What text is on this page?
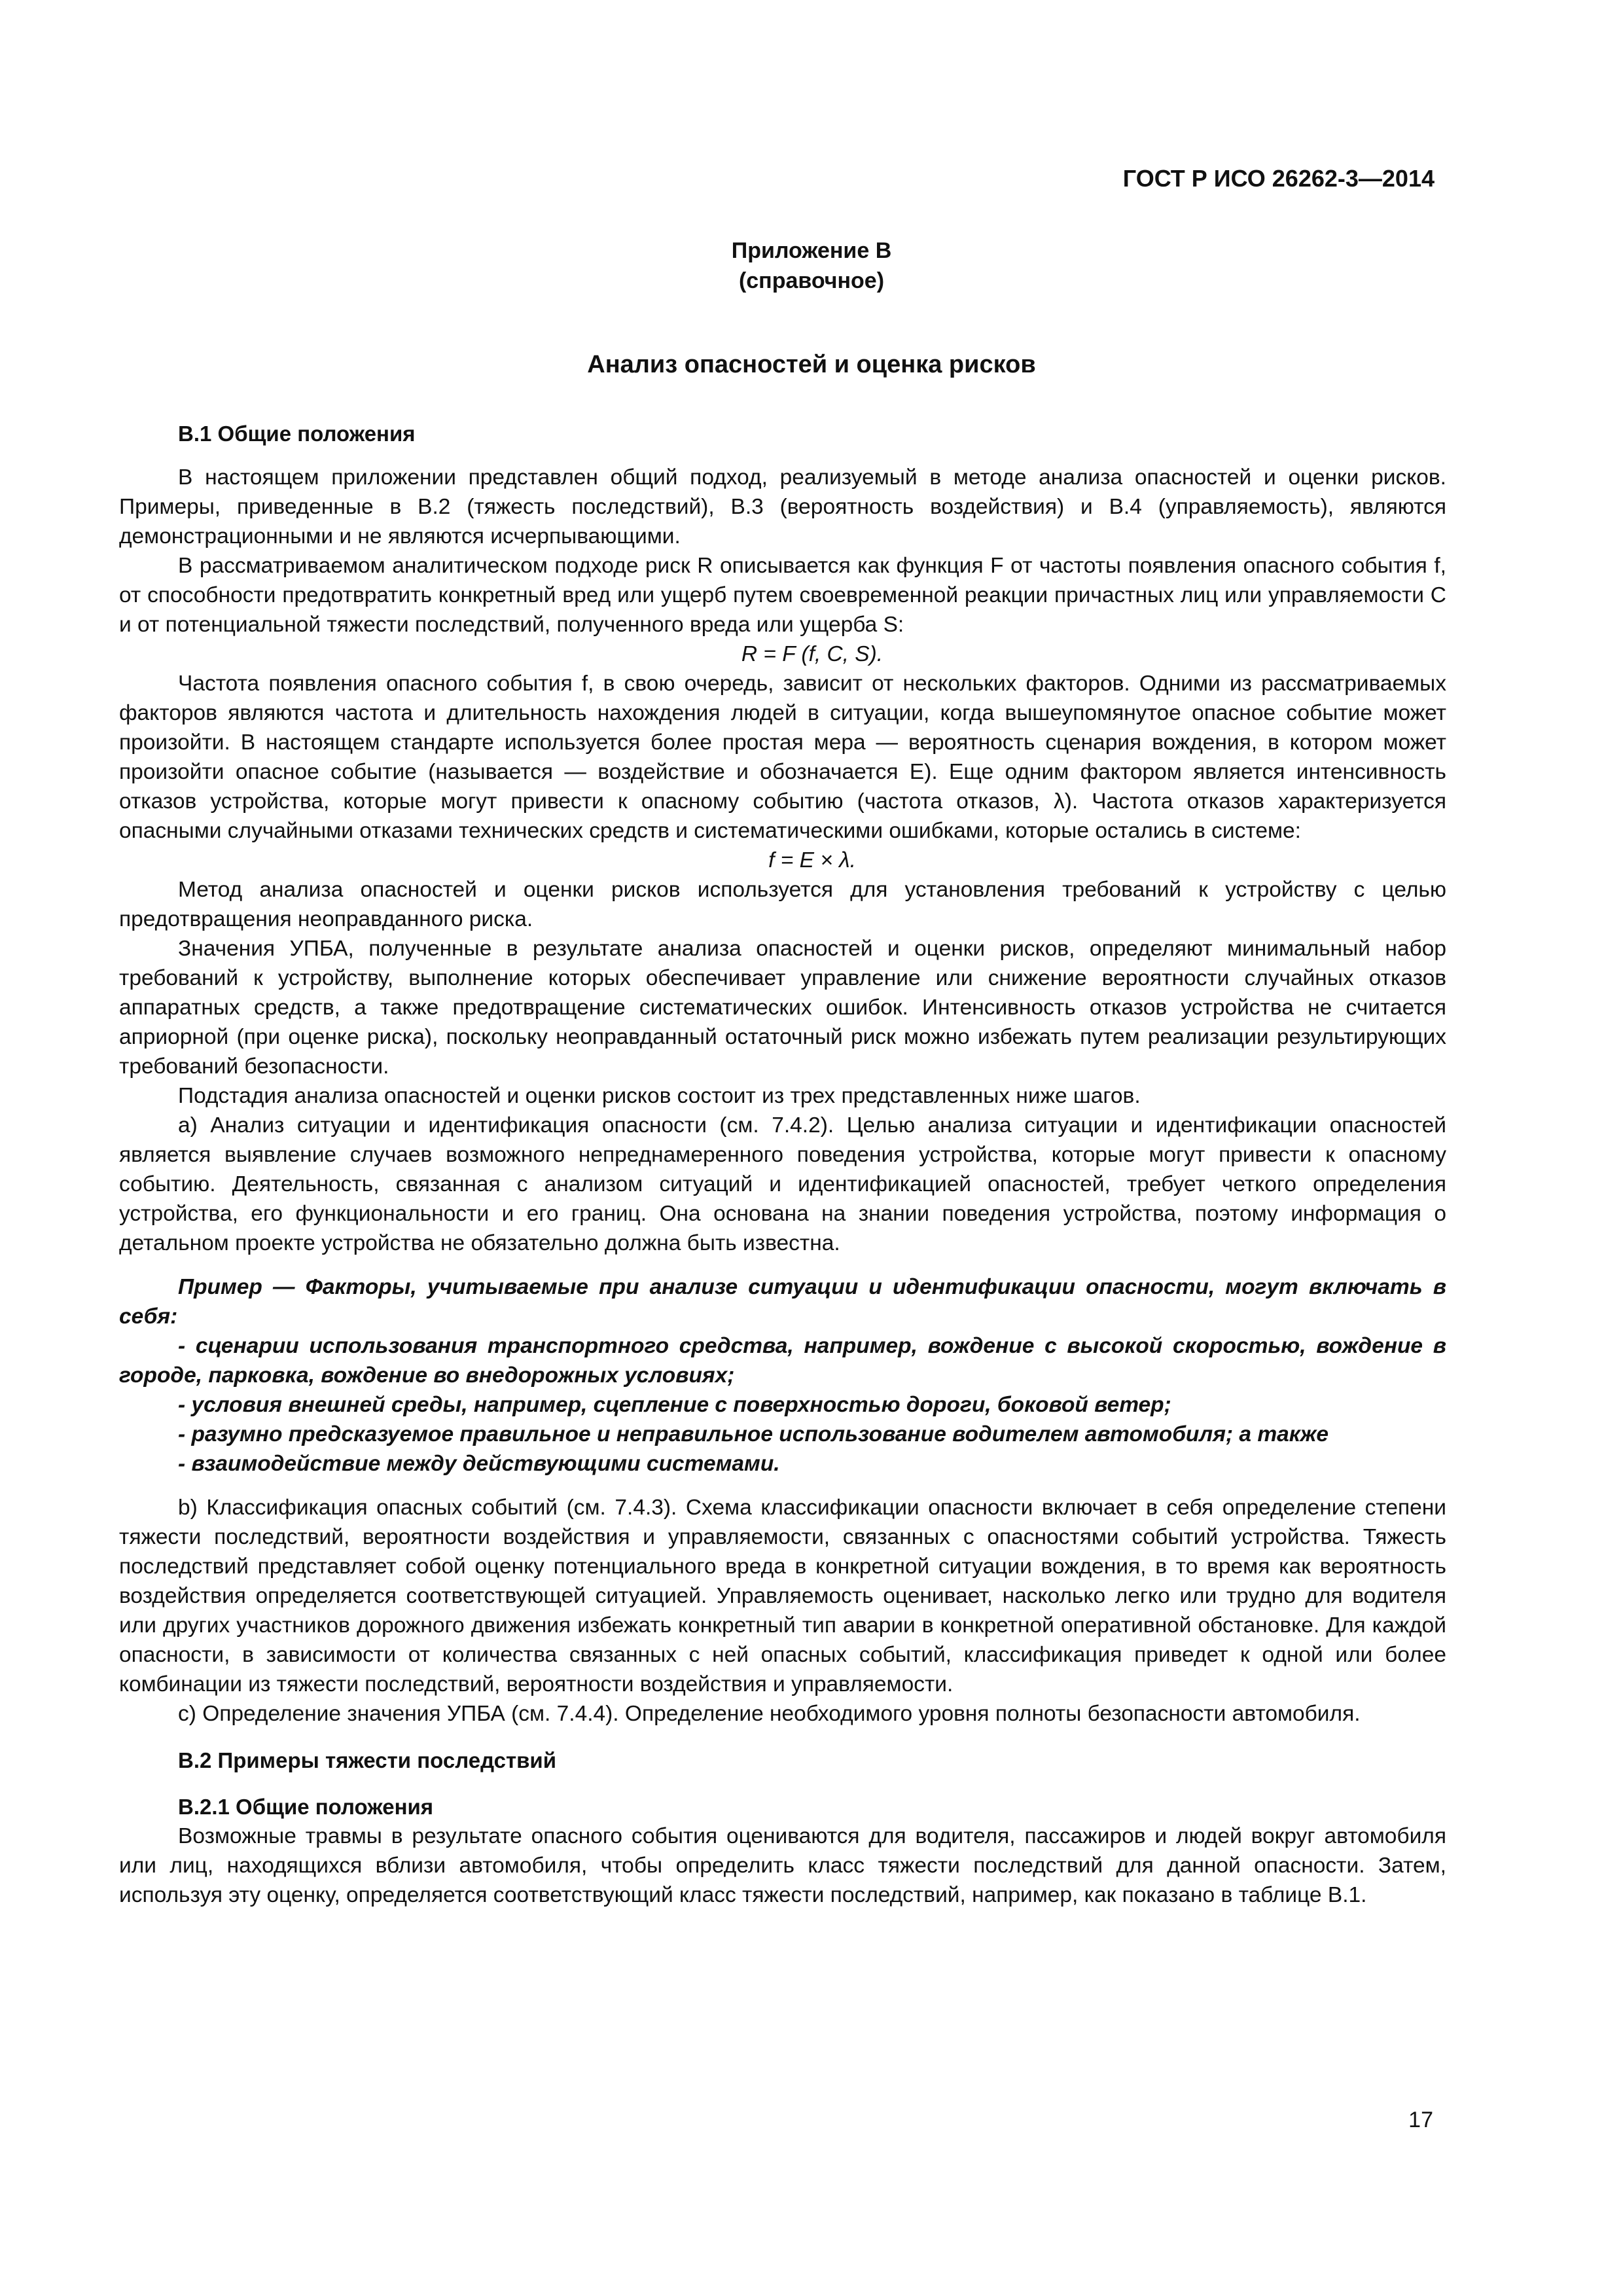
ГОСТ Р ИСО 26262-3—2014
Приложение В
(справочное)
Анализ опасностей и оценка рисков
В.1 Общие положения

В настоящем приложении представлен общий подход, реализуемый в методе анализа опасностей и оценки рисков. Примеры, приведенные в В.2 (тяжесть последствий), В.3 (вероятность воздействия) и В.4 (управляемость), являются демонстрационными и не являются исчерпывающими.

В рассматриваемом аналитическом подходе риск R описывается как функция F от частоты появления опасного события f, от способности предотвратить конкретный вред или ущерб путем своевременной реакции причастных лиц или управляемости C и от потенциальной тяжести последствий, полученного вреда или ущерба S:

R = F (f, C, S).

Частота появления опасного события f, в свою очередь, зависит от нескольких факторов. Одними из рассматриваемых факторов являются частота и длительность нахождения людей в ситуации, когда вышеупомянутое опасное событие может произойти. В настоящем стандарте используется более простая мера — вероятность сценария вождения, в котором может произойти опасное событие (называется — воздействие и обозначается E). Еще одним фактором является интенсивность отказов устройства, которые могут привести к опасному событию (частота отказов, λ). Частота отказов характеризуется опасными случайными отказами технических средств и систематическими ошибками, которые остались в системе:

f = E × λ.

Метод анализа опасностей и оценки рисков используется для установления требований к устройству с целью предотвращения неоправданного риска.

Значения УПБА, полученные в результате анализа опасностей и оценки рисков, определяют минимальный набор требований к устройству, выполнение которых обеспечивает управление или снижение вероятности случайных отказов аппаратных средств, а также предотвращение систематических ошибок. Интенсивность отказов устройства не считается априорной (при оценке риска), поскольку неоправданный остаточный риск можно избежать путем реализации результирующих требований безопасности.

Подстадия анализа опасностей и оценки рисков состоит из трех представленных ниже шагов.

а) Анализ ситуации и идентификация опасности (см. 7.4.2). Целью анализа ситуации и идентификации опасностей является выявление случаев возможного непреднамеренного поведения устройства, которые могут привести к опасному событию. Деятельность, связанная с анализом ситуаций и идентификацией опасностей, требует четкого определения устройства, его функциональности и его границ. Она основана на знании поведения устройства, поэтому информация о детальном проекте устройства не обязательно должна быть известна.

Пример — Факторы, учитываемые при анализе ситуации и идентификации опасности, могут включать в себя:

- сценарии использования транспортного средства, например, вождение с высокой скоростью, вождение в городе, парковка, вождение во внедорожных условиях;

- условия внешней среды, например, сцепление с поверхностью дороги, боковой ветер;

- разумно предсказуемое правильное и неправильное использование водителем автомобиля; а также

- взаимодействие между действующими системами.

b) Классификация опасных событий (см. 7.4.3). Схема классификации опасности включает в себя определение степени тяжести последствий, вероятности воздействия и управляемости, связанных с опасностями событий устройства. Тяжесть последствий представляет собой оценку потенциального вреда в конкретной ситуации вождения, в то время как вероятность воздействия определяется соответствующей ситуацией. Управляемость оценивает, насколько легко или трудно для водителя или других участников дорожного движения избежать конкретный тип аварии в конкретной оперативной обстановке. Для каждой опасности, в зависимости от количества связанных с ней опасных событий, классификация приведет к одной или более комбинации из тяжести последствий, вероятности воздействия и управляемости.

с) Определение значения УПБА (см. 7.4.4). Определение необходимого уровня полноты безопасности автомобиля.

В.2 Примеры тяжести последствий
В.2.1 Общие положения

Возможные травмы в результате опасного события оцениваются для водителя, пассажиров и людей вокруг автомобиля или лиц, находящихся вблизи автомобиля, чтобы определить класс тяжести последствий для данной опасности. Затем, используя эту оценку, определяется соответствующий класс тяжести последствий, например, как показано в таблице В.1.

17
